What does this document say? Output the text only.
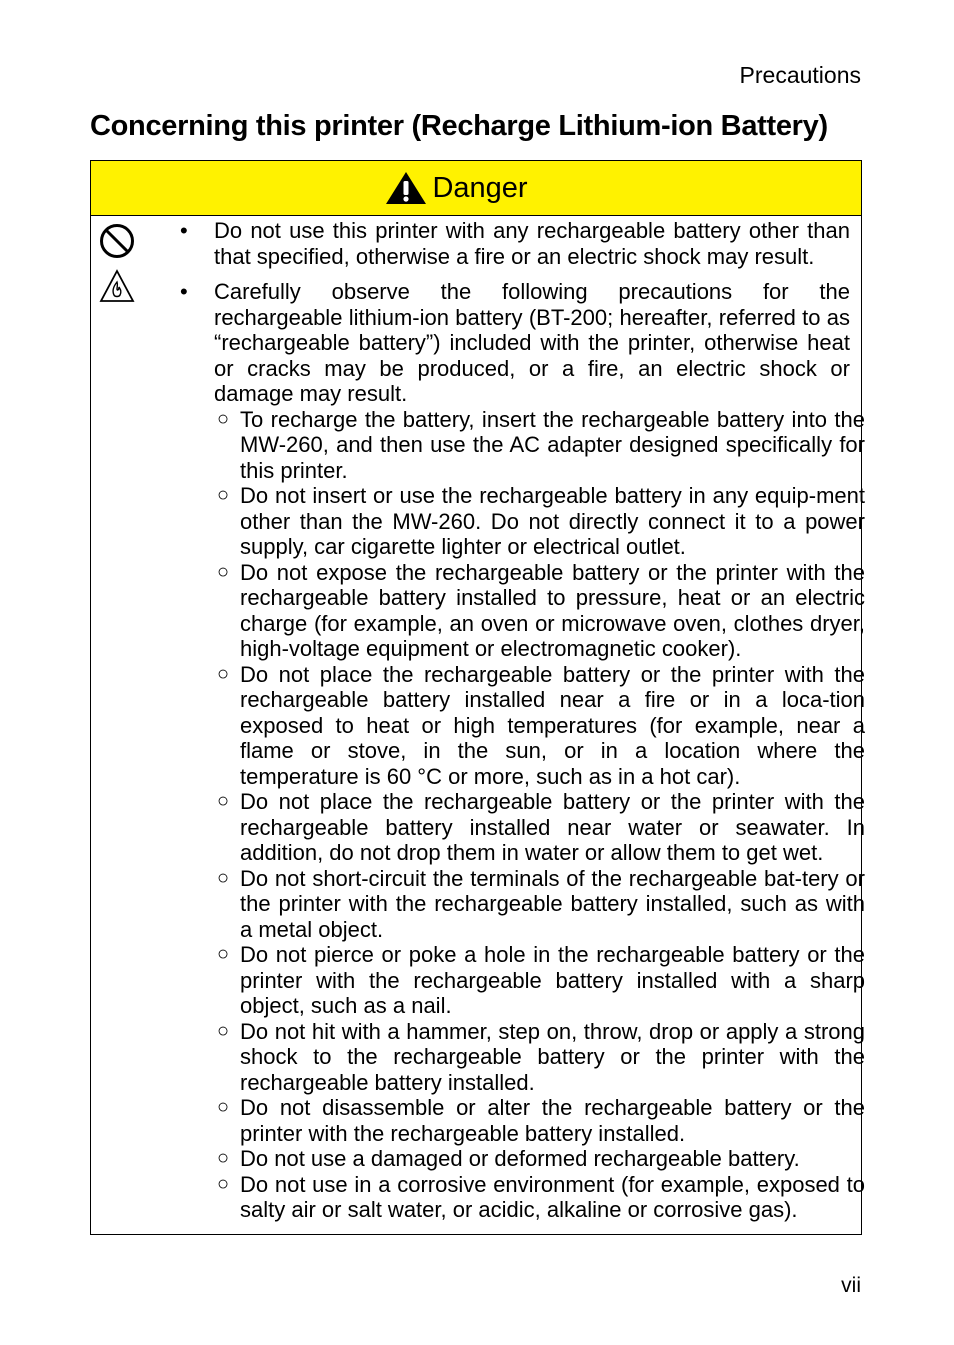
Precautions
Concerning this printer (Recharge Lithium-ion Battery)
Danger
• Do not use this printer with any rechargeable battery other than that specified, otherwise a fire or an electric shock may result.
• Carefully observe the following precautions for the
rechargeable lithium-ion battery (BT-200; hereafter, referred to as “rechargeable battery”) included with the printer, otherwise heat or cracks may be produced, or a fire, an electric shock or damage may result.
○ To recharge the battery, insert the rechargeable battery into the MW-260, and then use the AC adapter designed specifically for this printer.
○ Do not insert or use the rechargeable battery in any equip-ment other than the MW-260. Do not directly connect it to a power supply, car cigarette lighter or electrical outlet.
○ Do not expose the rechargeable battery or the printer with the rechargeable battery installed to pressure, heat or an electric charge (for example, an oven or microwave oven, clothes dryer, high-voltage equipment or electromagnetic cooker).
○ Do not place the rechargeable battery or the printer with the rechargeable battery installed near a fire or in a loca-tion exposed to heat or high temperatures (for example, near a flame or stove, in the sun, or in a location where the temperature is 60 °C or more, such as in a hot car).
○ Do not place the rechargeable battery or the printer with the rechargeable battery installed near water or seawater. In addition, do not drop them in water or allow them to get wet.
○ Do not short-circuit the terminals of the rechargeable bat-tery or the printer with the rechargeable battery installed, such as with a metal object.
○ Do not pierce or poke a hole in the rechargeable battery or the printer with the rechargeable battery installed with a sharp object, such as a nail.
○ Do not hit with a hammer, step on, throw, drop or apply a strong shock to the rechargeable battery or the printer with the rechargeable battery installed.
○ Do not disassemble or alter the rechargeable battery or the printer with the rechargeable battery installed.
○ Do not use a damaged or deformed rechargeable battery.
○ Do not use in a corrosive environment (for example, exposed to salty air or salt water, or acidic, alkaline or corrosive gas).
vii
